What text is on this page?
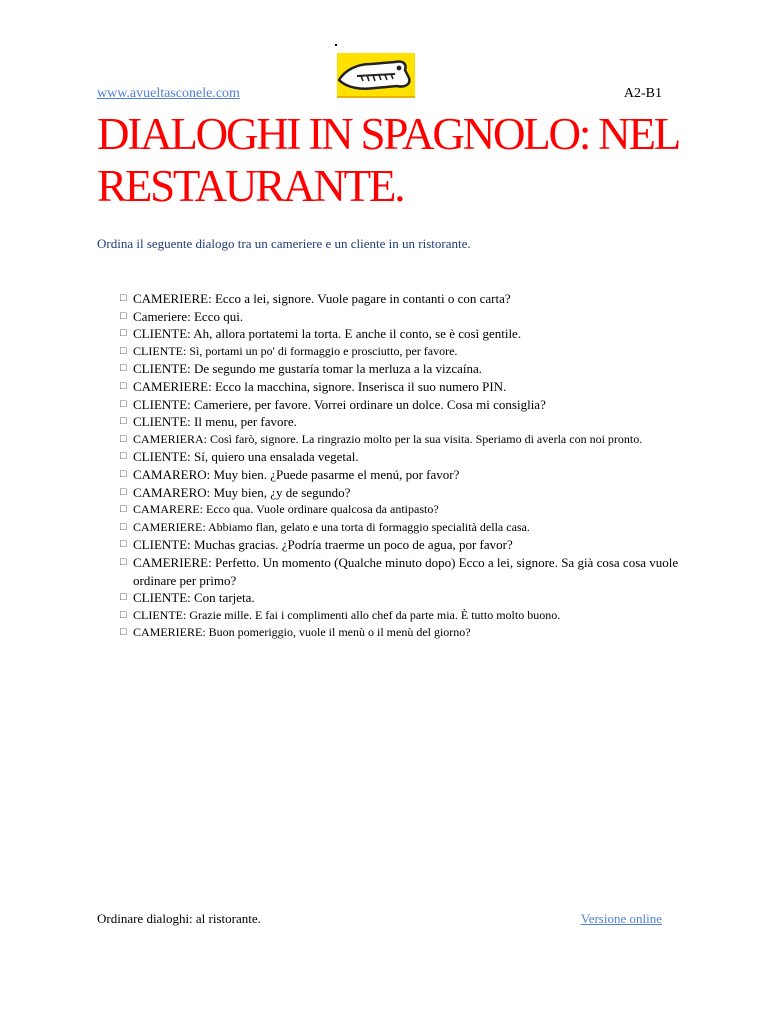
www.avueltasconele.com	A2-B1
DIALOGHI IN SPAGNOLO: NEL RESTAURANTE.
Ordina il seguente dialogo tra un cameriere e un cliente in un ristorante.
□ CAMERIERE: Ecco a lei, signore. Vuole pagare in contanti o con carta?
□ Cameriere: Ecco qui.
□ CLIENTE: Ah, allora portatemi la torta. E anche il conto, se è così gentile.
□ CLIENTE: Sì, portami un po' di formaggio e prosciutto, per favore.
□ CLIENTE: De segundo me gustaría tomar la merluza a la vizcaína.
□ CAMERIERE: Ecco la macchina, signore. Inserisca il suo numero PIN.
□ CLIENTE: Cameriere, per favore. Vorrei ordinare un dolce. Cosa mi consiglia?
□ CLIENTE: Il menu, per favore.
□ CAMERIERA: Così farò, signore. La ringrazio molto per la sua visita. Speriamo di averla con noi pronto.
□ CLIENTE: Sí, quiero una ensalada vegetal.
□ CAMARERO: Muy bien. ¿Puede pasarme el menú, por favor?
□ CAMARERO: Muy bien, ¿y de segundo?
□ CAMARERE: Ecco qua. Vuole ordinare qualcosa da antipasto?
□ CAMERIERE: Abbiamo flan, gelato e una torta di formaggio specialità della casa.
□ CLIENTE: Muchas gracias. ¿Podría traerme un poco de agua, por favor?
□ CAMERIERE: Perfetto. Un momento (Qualche minuto dopo) Ecco a lei, signore. Sa già cosa cosa vuole ordinare per primo?
□ CLIENTE: Con tarjeta.
□ CLIENTE: Grazie mille. E fai i complimenti allo chef da parte mia. È tutto molto buono.
□ CAMERIERE: Buon pomeriggio, vuole il menù o il menù del giorno?
Ordinare dialoghi: al ristorante.	Versione online
